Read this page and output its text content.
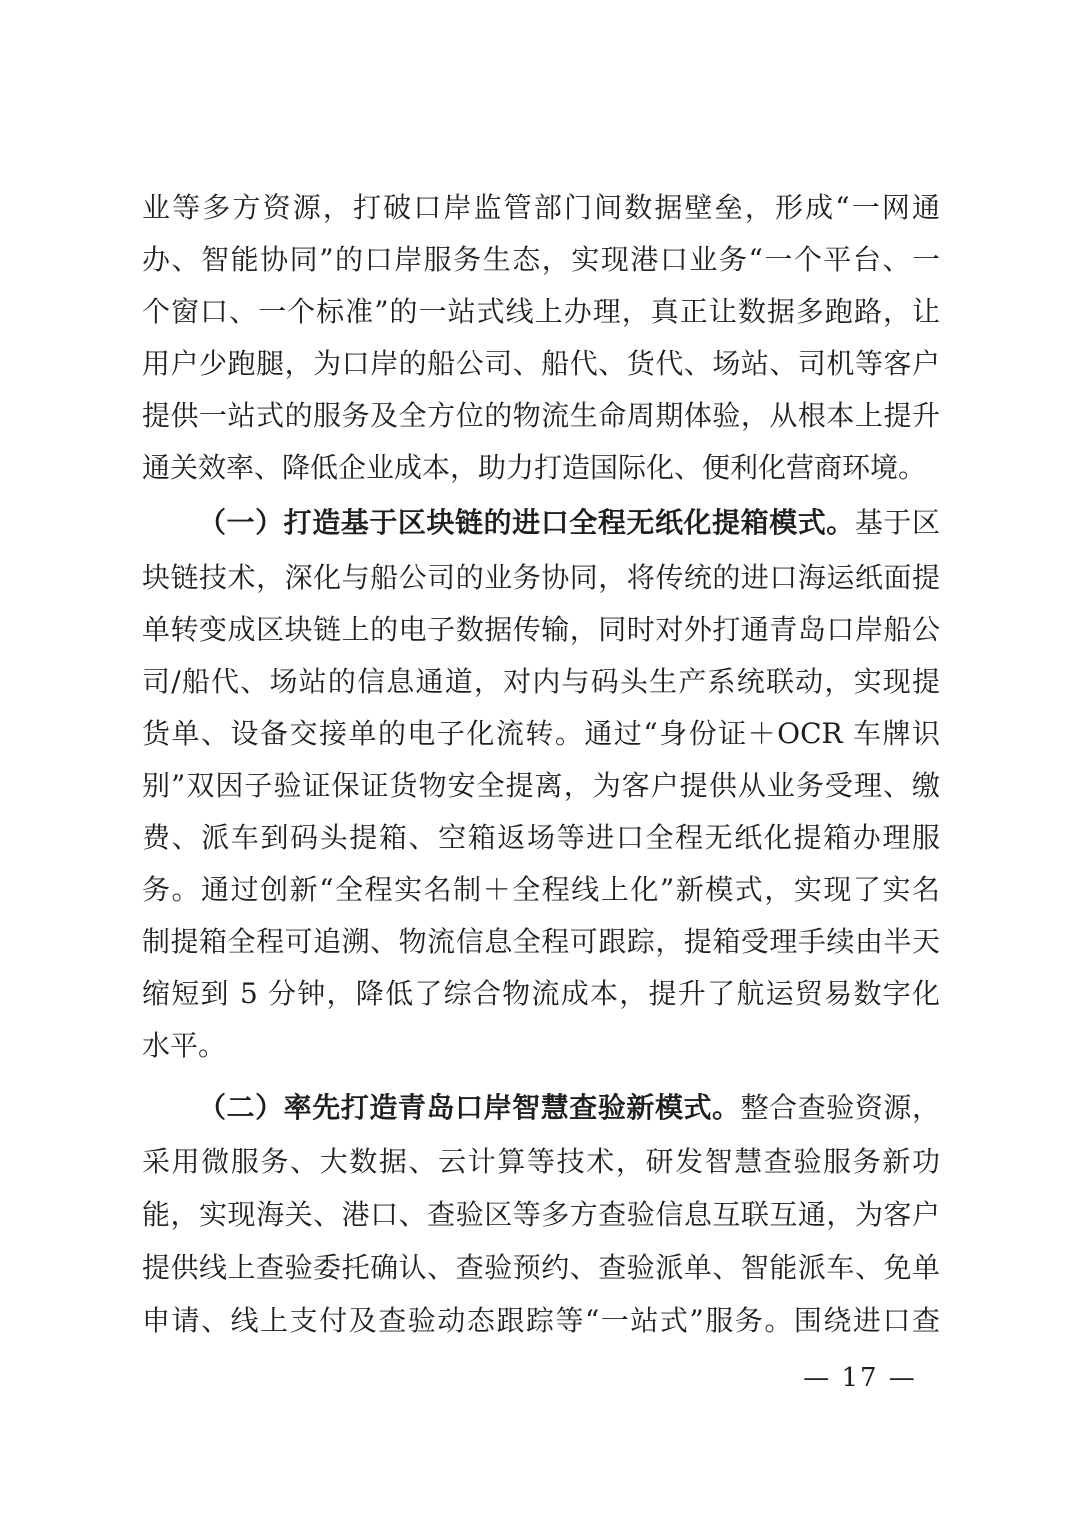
业等多方资源，打破口岸监管部门间数据壁垒，形成“一网通
办、智能协同”的口岸服务生态，实现港口业务“一个平台、一
个窗口、一个标准”的一站式线上办理，真正让数据多跑路，让
用户少跑腿，为口岸的船公司、船代、货代、场站、司机等客户
提供一站式的服务及全方位的物流生命周期体验，从根本上提升
通关效率、降低企业成本，助力打造国际化、便利化营商环境。
（一）打造基于区块链的进口全程无纸化提箱模式。基于区
块链技术，深化与船公司的业务协同，将传统的进口海运纸面提
单转变成区块链上的电子数据传输，同时对外打通青岛口岸船公
司/船代、场站的信息通道，对内与码头生产系统联动，实现提
货单、设备交接单的电子化流转。通过“身份证＋OCR 车牌识
别”双因子验证保证货物安全提离，为客户提供从业务受理、缴
费、派车到码头提箱、空箱返场等进口全程无纸化提箱办理服
务。通过创新“全程实名制＋全程线上化”新模式，实现了实名
制提箱全程可追溯、物流信息全程可跟踪，提箱受理手续由半天
缩短到 5 分钟，降低了综合物流成本，提升了航运贸易数字化
水平。
（二）率先打造青岛口岸智慧查验新模式。整合查验资源，
采用微服务、大数据、云计算等技术，研发智慧查验服务新功
能，实现海关、港口、查验区等多方查验信息互联互通，为客户
提供线上查验委托确认、查验预约、查验派单、智能派车、免单
申请、线上支付及查验动态跟踪等“一站式”服务。围绕进口查
— 17 —
